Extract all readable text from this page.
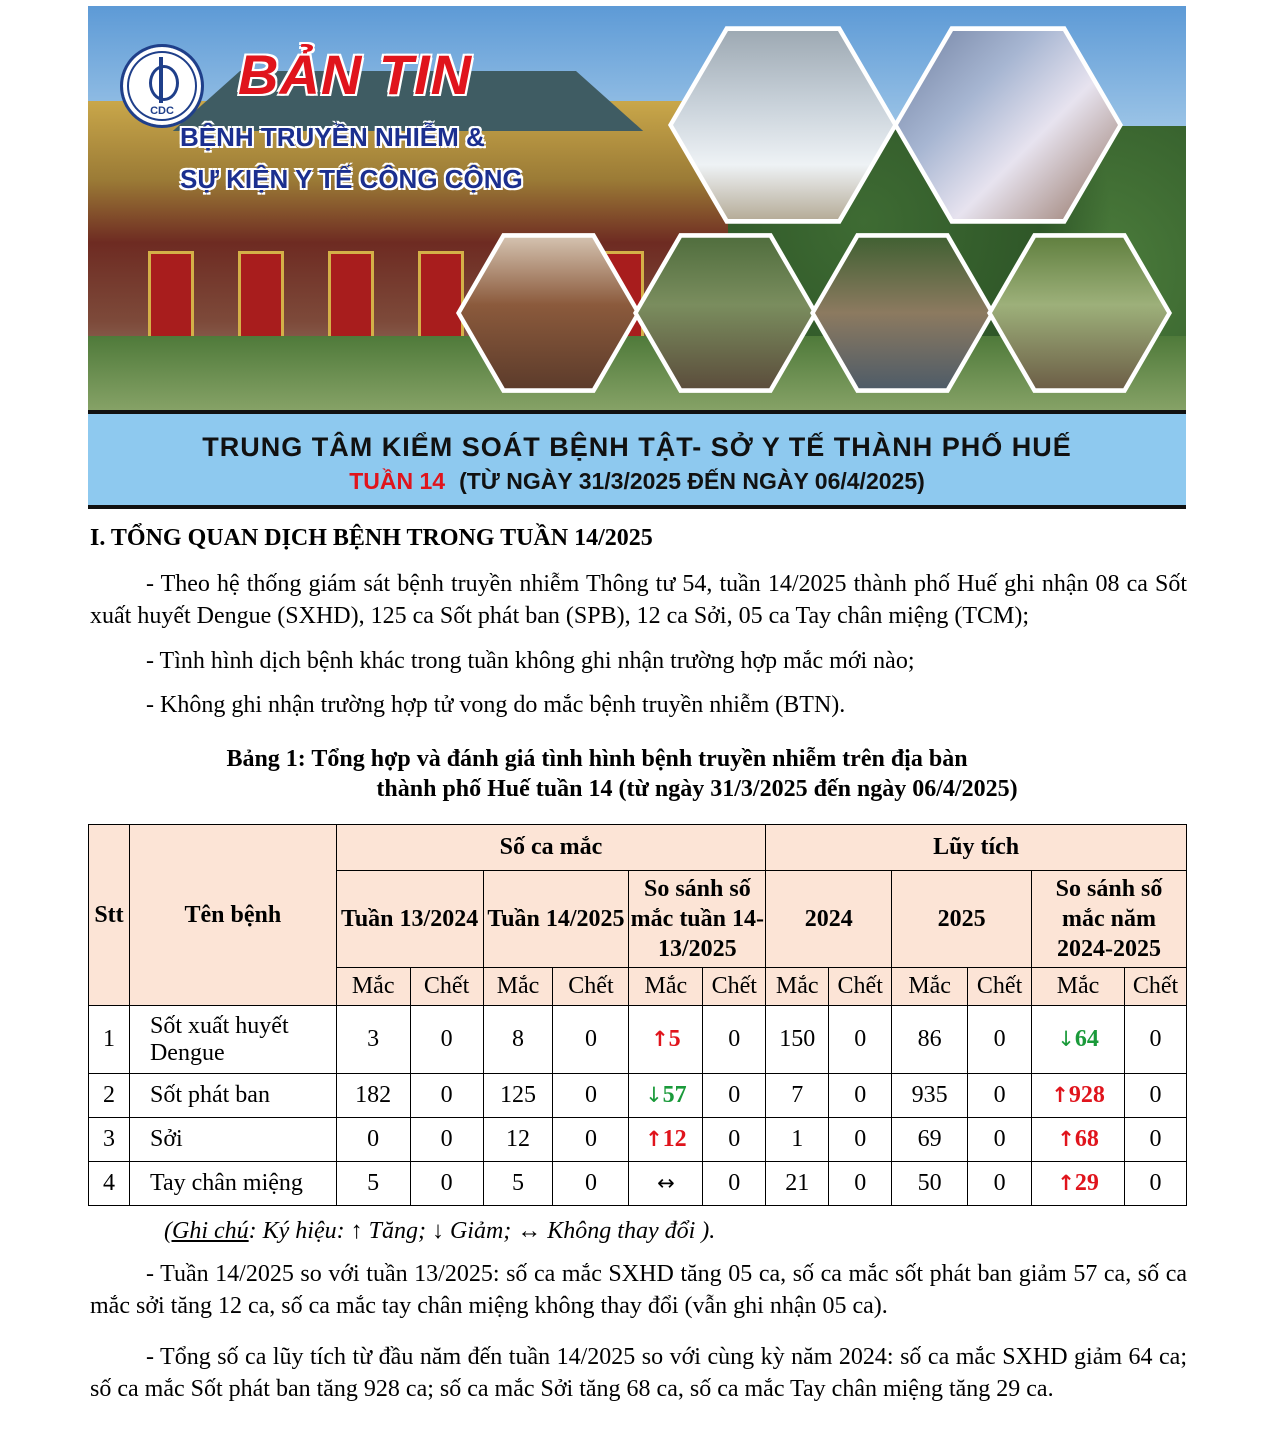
CDC
BẢN TIN
BỆNH TRUYỀN NHIỄM &
SỰ KIỆN Y TẾ CÔNG CỘNG
TRUNG TÂM KIỂM SOÁT BỆNH TẬT- SỞ Y TẾ THÀNH PHỐ HUẾ
TUẦN 14 (TỪ NGÀY 31/3/2025 ĐẾN NGÀY 06/4/2025)
I. TỔNG QUAN DỊCH BỆNH TRONG TUẦN 14/2025

- Theo hệ thống giám sát bệnh truyền nhiễm Thông tư 54, tuần 14/2025 thành phố Huế ghi nhận 08 ca Sốt xuất huyết Dengue (SXHD), 125 ca Sốt phát ban (SPB), 12 ca Sởi, 05 ca Tay chân miệng (TCM);

- Tình hình dịch bệnh khác trong tuần không ghi nhận trường hợp mắc mới nào;

- Không ghi nhận trường hợp tử vong do mắc bệnh truyền nhiễm (BTN).

Bảng 1: Tổng hợp và đánh giá tình hình bệnh truyền nhiễm trên địa bàn
thành phố Huế tuần 14 (từ ngày 31/3/2025 đến ngày 06/4/2025)
Stt	Tên bệnh	Số ca mắc						Lũy tích					
		Tuần 13/2024		Tuần 14/2025		So sánh số mắc tuần 14-13/2025		2024		2025		So sánh số mắc năm 2024-2025	
		Mắc	Chết	Mắc	Chết	Mắc	Chết	Mắc	Chết	Mắc	Chết	Mắc	Chết
1	Sốt xuất huyết Dengue	3	0	8	0	↑5	0	150	0	86	0	↓64	0
2	Sốt phát ban	182	0	125	0	↓57	0	7	0	935	0	↑928	0
3	Sởi	0	0	12	0	↑12	0	1	0	69	0	↑68	0
4	Tay chân miệng	5	0	5	0	↔	0	21	0	50	0	↑29	0
(Ghi chú: Ký hiệu: ↑ Tăng; ↓ Giảm; ↔ Không thay đổi ).

- Tuần 14/2025 so với tuần 13/2025: số ca mắc SXHD tăng 05 ca, số ca mắc sốt phát ban giảm 57 ca, số ca mắc sởi tăng 12 ca, số ca mắc tay chân miệng không thay đổi (vẫn ghi nhận 05 ca).

- Tổng số ca lũy tích từ đầu năm đến tuần 14/2025 so với cùng kỳ năm 2024: số ca mắc SXHD giảm 64 ca; số ca mắc Sốt phát ban tăng 928 ca; số ca mắc Sởi tăng 68 ca, số ca mắc Tay chân miệng tăng 29 ca.
